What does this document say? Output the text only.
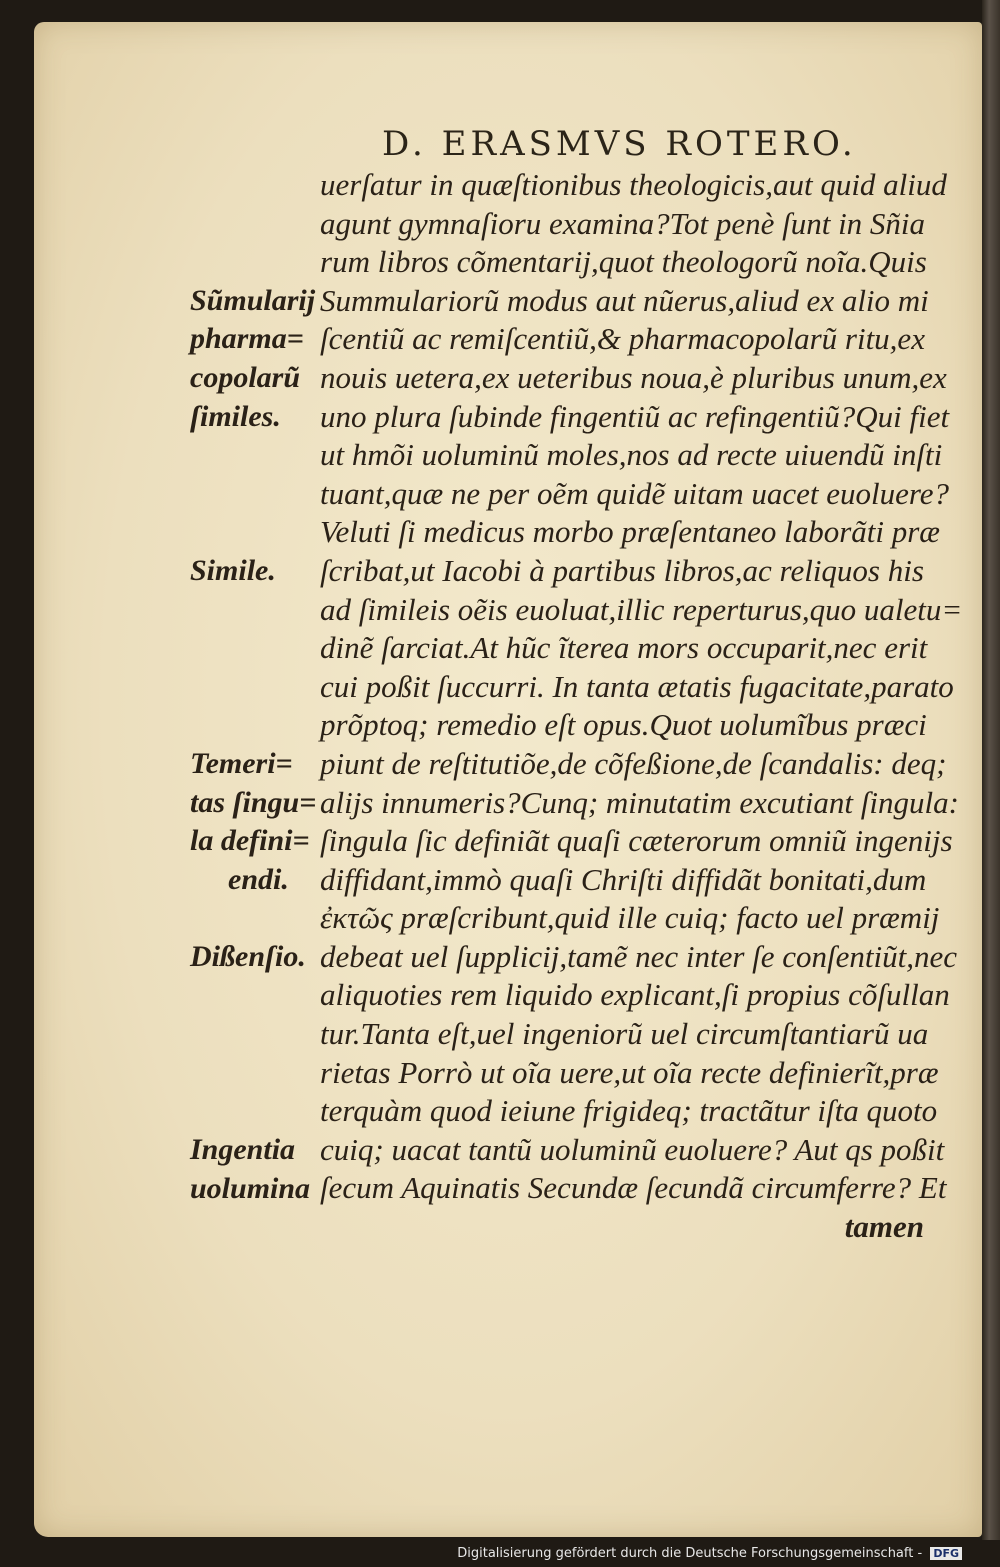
D. ERASMVS ROTERO.
uerſatur in quæſtionibus theologicis,aut quid aliud
agunt gymnaſioru examina?Tot penè ſunt in Sñia
rum libros cõmentarij,quot theologorũ noĩa.Quis
Summulariorũ modus aut nũerus,aliud ex alio mi
ſcentiũ ac remiſcentiũ,& pharmacopolarũ ritu,ex
nouis uetera,ex ueteribus noua,è pluribus unum,ex
uno plura ſubinde fingentiũ ac refingentiũ?Qui fiet
ut hmõi uoluminũ moles,nos ad recte uiuendũ inſti
tuant,quæ ne per oẽm quidẽ uitam uacet euoluere?
Veluti ſi medicus morbo præſentaneo laborãti præ
ſcribat,ut Iacobi à partibus libros,ac reliquos his
ad ſimileis oẽis euoluat,illic reperturus,quo ualetu=
dinẽ ſarciat.At hũc ĩterea mors occuparit,nec erit
cui poßit ſuccurri. In tanta ætatis fugacitate,parato
prõptoq; remedio eſt opus.Quot uolumĩbus præci
piunt de reſtitutiõe,de cõfeßione,de ſcandalis: deq;
alijs innumeris?Cunq; minutatim excutiant ſingula:
ſingula ſic definiãt quaſi cæterorum omniũ ingenijs
diffidant,immò quaſi Chriſti diffidãt bonitati,dum
ἐκτῶς præſcribunt,quid ille cuiq; facto uel præmij
debeat uel ſupplicij,tamẽ nec inter ſe conſentiũt,nec
aliquoties rem liquido explicant,ſi propius cõſullan
tur.Tanta eſt,uel ingeniorũ uel circumſtantiarũ ua
rietas Porrò ut oĩa uere,ut oĩa recte definierĩt,præ
terquàm quod ieiune frigideq; tractãtur iſta quoto
cuiq; uacat tantũ uoluminũ euoluere? Aut qs poßit
ſecum Aquinatis Secundæ ſecundã circumferre? Et
tamen
Sũmularij
pharma=
copolarũ
ſimiles.
Simile.
Temeri=
tas ſingu=
la defini=
endi.
Dißenſio.
Ingentia
uolumina
Digitalisierung gefördert durch die Deutsche Forschungsgemeinschaft - DFG
